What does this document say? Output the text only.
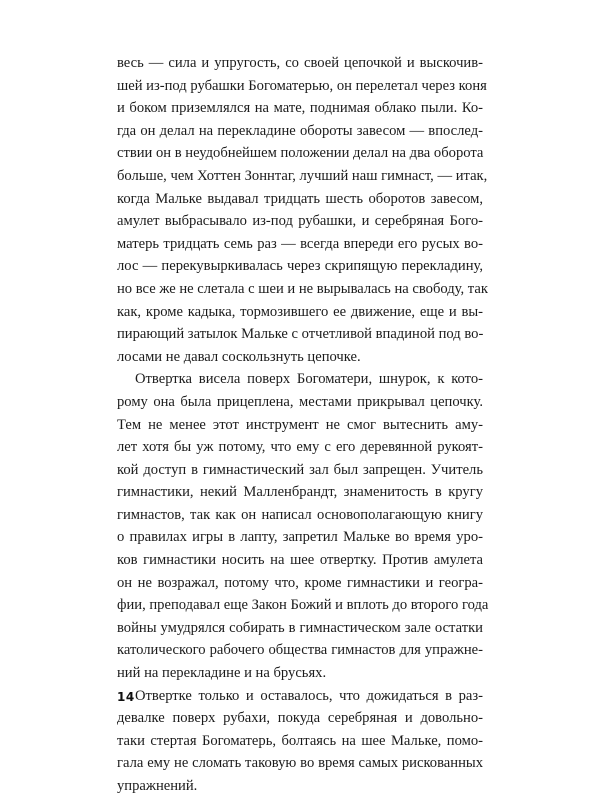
весь — сила и упругость, со своей цепочкой и выскочив-
шей из-под рубашки Богоматерью, он перелетал через коня
и боком приземлялся на мате, поднимая облако пыли. Ко-
гда он делал на перекладине обороты завесом — впослед-
ствии он в неудобнейшем положении делал на два оборота
больше, чем Хоттен Зоннтаг, лучший наш гимнаст, — итак,
когда Мальке выдавал тридцать шесть оборотов завесом,
амулет выбрасывало из-под рубашки, и серебряная Бого-
матерь тридцать семь раз — всегда впереди его русых во-
лос — перекувыркивалась через скрипящую перекладину,
но все же не слетала с шеи и не вырывалась на свободу, так
как, кроме кадыка, тормозившего ее движение, еще и вы-
пирающий затылок Мальке с отчетливой впадиной под во-
лосами не давал соскользнуть цепочке.
Отвертка висела поверх Богоматери, шнурок, к кото-
рому она была прицеплена, местами прикрывал цепочку.
Тем не менее этот инструмент не смог вытеснить аму-
лет хотя бы уж потому, что ему с его деревянной рукоят-
кой доступ в гимнастический зал был запрещен. Учитель
гимнастики, некий Малленбрандт, знаменитость в кругу
гимнастов, так как он написал основополагающую книгу
о правилах игры в лапту, запретил Мальке во время уро-
ков гимнастики носить на шее отвертку. Против амулета
он не возражал, потому что, кроме гимнастики и геогра-
фии, преподавал еще Закон Божий и вплоть до второго года
войны умудрялся собирать в гимнастическом зале остатки
католического рабочего общества гимнастов для упражне-
ний на перекладине и на брусьях.
Отвертке только и оставалось, что дожидаться в раз-
девалке поверх рубахи, покуда серебряная и довольно-
таки стертая Богоматерь, болтаясь на шее Мальке, помо-
гала ему не сломать таковую во время самых рискованных
упражнений.
14
